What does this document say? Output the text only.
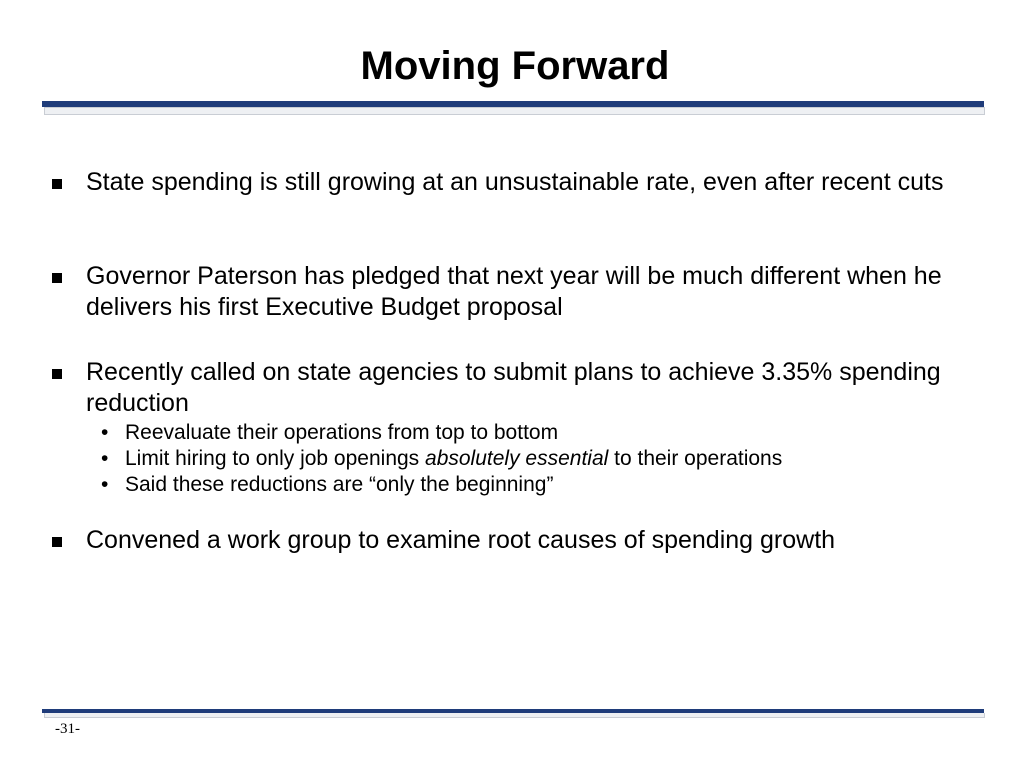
Moving Forward
State spending is still growing at an unsustainable rate, even after recent cuts
Governor Paterson has pledged that next year will be much different when he delivers his first Executive Budget proposal
Recently called on state agencies to submit plans to achieve 3.35% spending reduction
• Reevaluate their operations from top to bottom
• Limit hiring to only job openings absolutely essential to their operations
• Said these reductions are “only the beginning”
Convened a work group to examine root causes of spending growth
-31-
